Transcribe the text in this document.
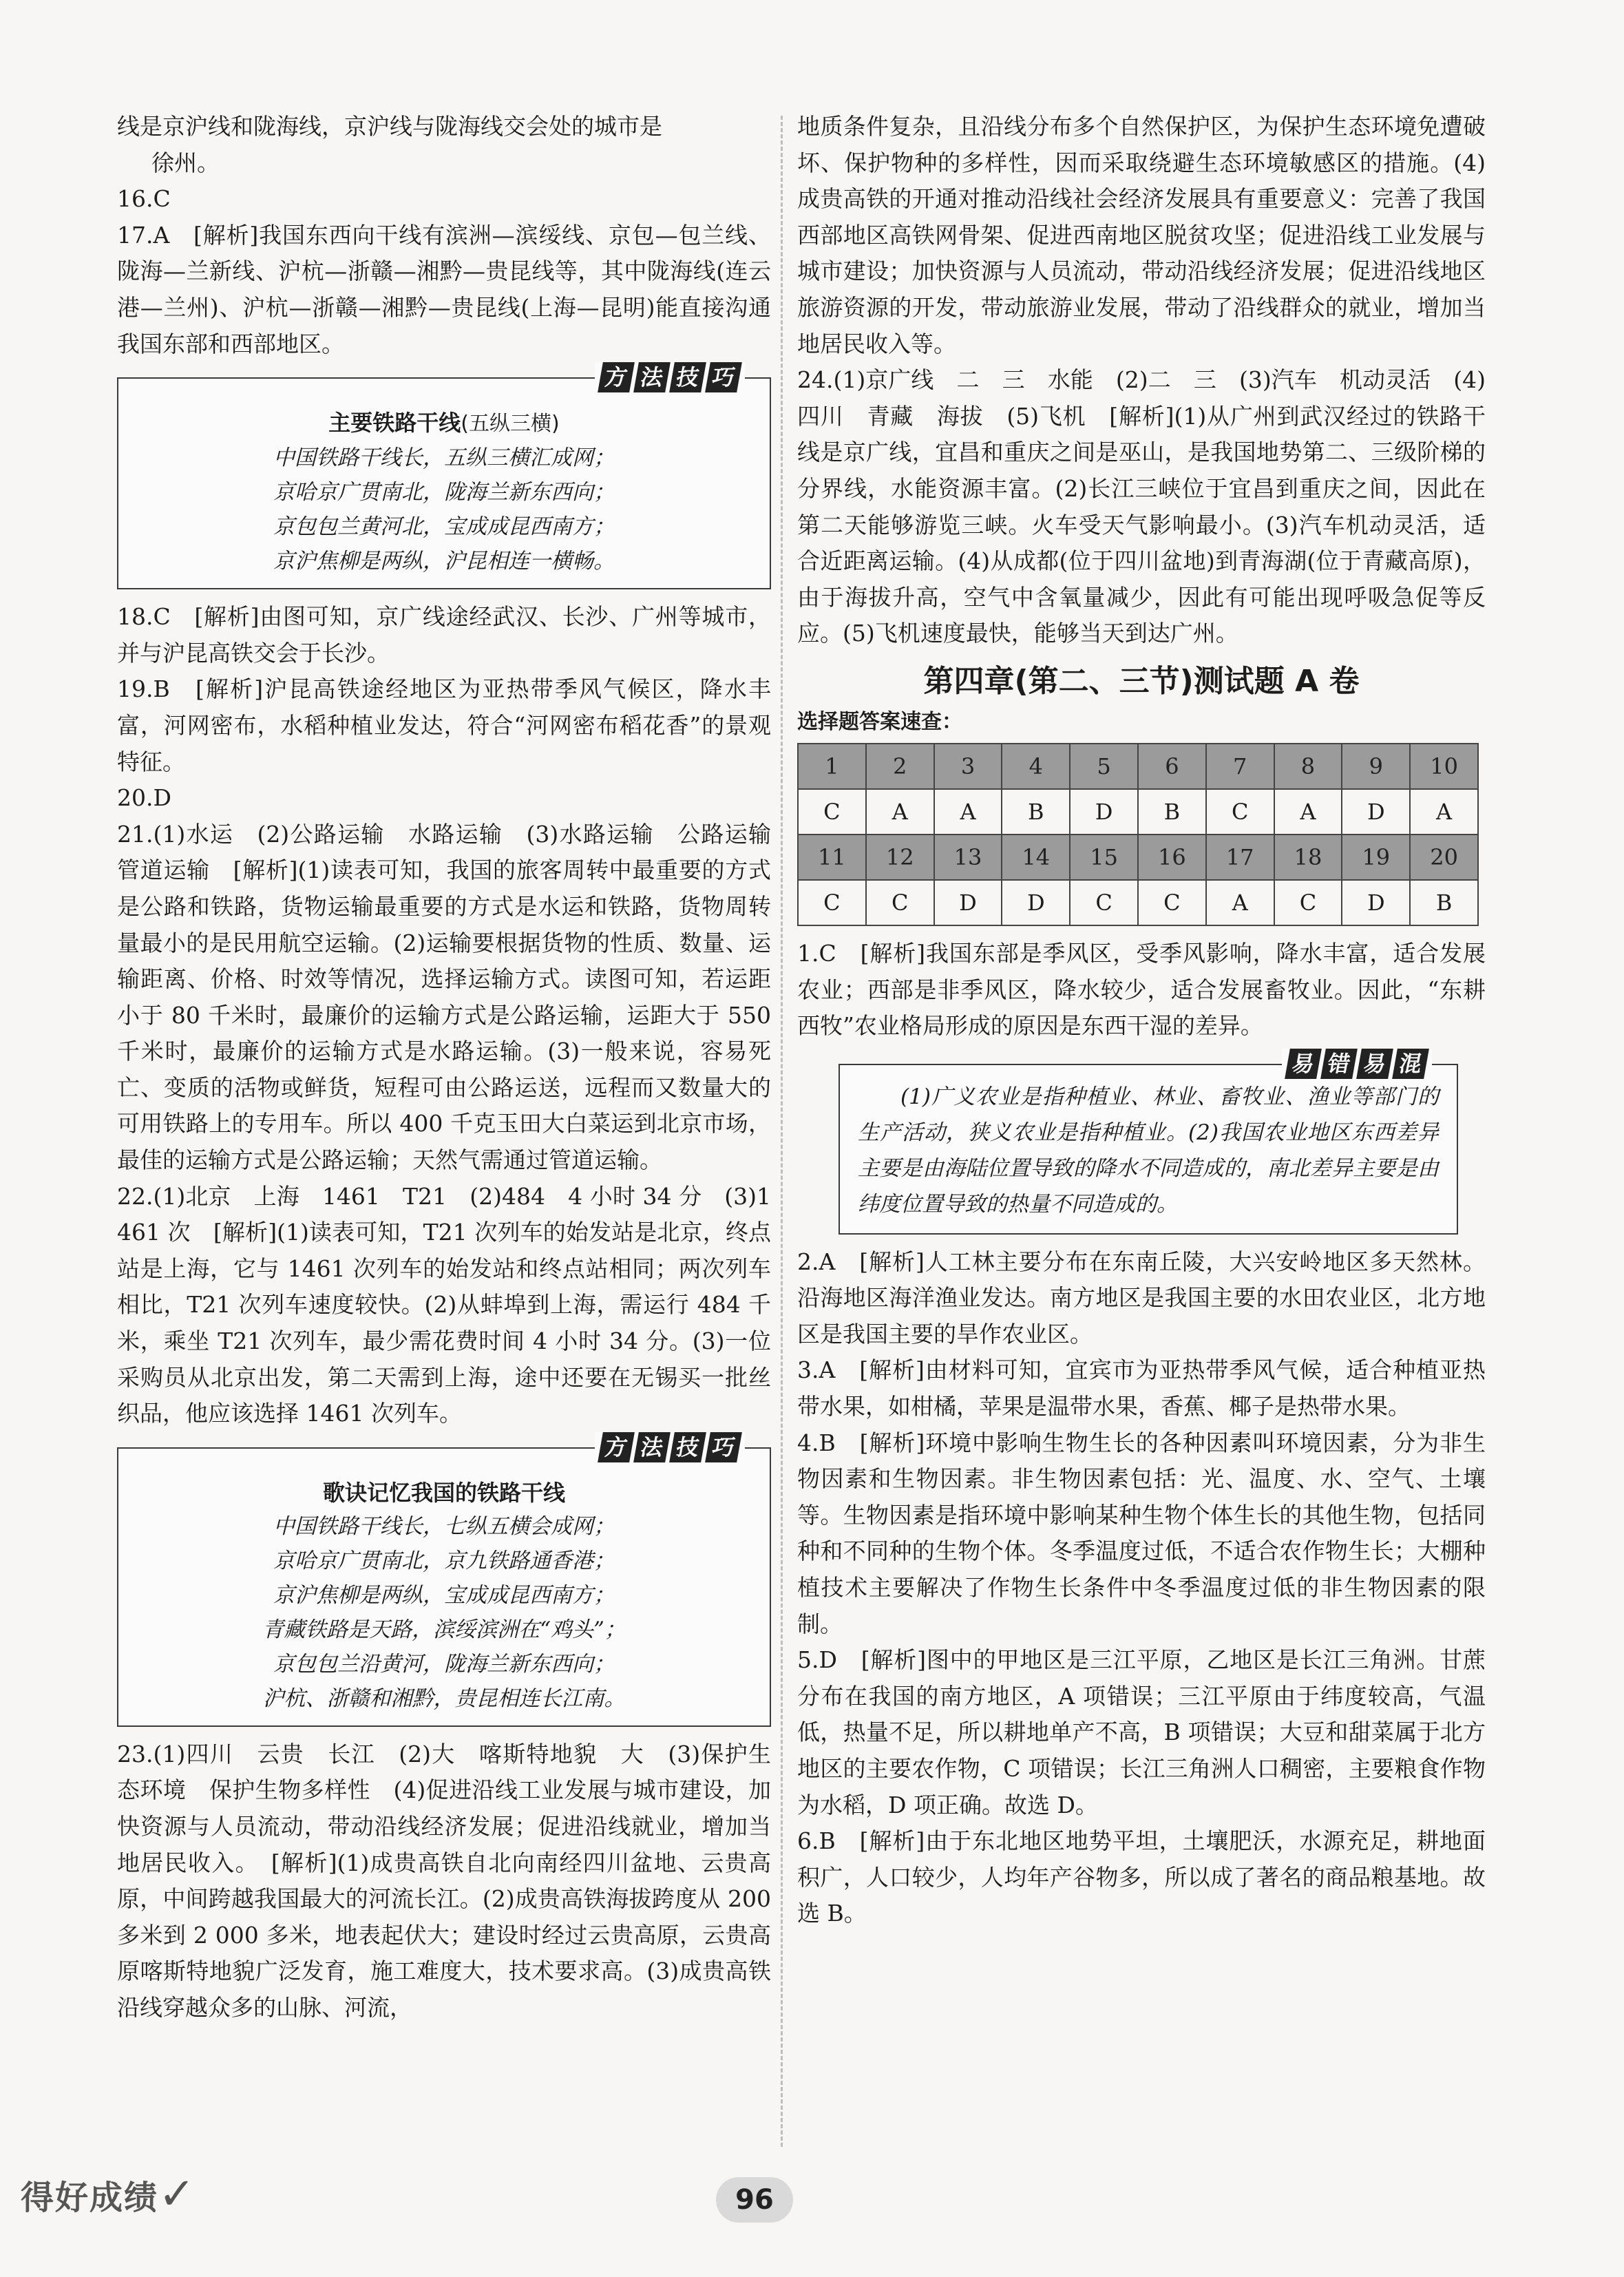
线是京沪线和陇海线，京沪线与陇海线交会处的城市是

徐州。

16.C

17.A　[解析]我国东西向干线有滨洲—滨绥线、京包—包兰线、陇海—兰新线、沪杭—浙赣—湘黔—贵昆线等，其中陇海线(连云港—兰州)、沪杭—浙赣—湘黔—贵昆线(上海—昆明)能直接沟通我国东部和西部地区。

方 法 技 巧
主要铁路干线(五纵三横)
中国铁路干线长，五纵三横汇成网；
京哈京广贯南北，陇海兰新东西向；
京包包兰黄河北，宝成成昆西南方；
京沪焦柳是两纵，沪昆相连一横畅。

18.C　[解析]由图可知，京广线途经武汉、长沙、广州等城市，并与沪昆高铁交会于长沙。

19.B　[解析]沪昆高铁途经地区为亚热带季风气候区，降水丰富，河网密布，水稻种植业发达，符合“河网密布稻花香”的景观特征。

20.D

21.(1)水运　(2)公路运输　水路运输　(3)水路运输　公路运输　管道运输　[解析](1)读表可知，我国的旅客周转中最重要的方式是公路和铁路，货物运输最重要的方式是水运和铁路，货物周转量最小的是民用航空运输。(2)运输要根据货物的性质、数量、运输距离、价格、时效等情况，选择运输方式。读图可知，若运距小于 80 千米时，最廉价的运输方式是公路运输，运距大于 550 千米时，最廉价的运输方式是水路运输。(3)一般来说，容易死亡、变质的活物或鲜货，短程可由公路运送，远程而又数量大的可用铁路上的专用车。所以 400 千克玉田大白菜运到北京市场，最佳的运输方式是公路运输；天然气需通过管道运输。

22.(1)北京　上海　1461　T21　(2)484　4 小时 34 分　(3)1461 次　[解析](1)读表可知，T21 次列车的始发站是北京，终点站是上海，它与 1461 次列车的始发站和终点站相同；两次列车相比，T21 次列车速度较快。(2)从蚌埠到上海，需运行 484 千米，乘坐 T21 次列车，最少需花费时间 4 小时 34 分。(3)一位采购员从北京出发，第二天需到上海，途中还要在无锡买一批丝织品，他应该选择 1461 次列车。

方 法 技 巧
歌诀记忆我国的铁路干线
中国铁路干线长，七纵五横会成网；
京哈京广贯南北，京九铁路通香港；
京沪焦柳是两纵，宝成成昆西南方；
青藏铁路是天路，滨绥滨洲在“鸡头”；
京包包兰沿黄河，陇海兰新东西向；
沪杭、浙赣和湘黔，贵昆相连长江南。

23.(1)四川　云贵　长江　(2)大　喀斯特地貌　大　(3)保护生态环境　保护生物多样性　(4)促进沿线工业发展与城市建设，加快资源与人员流动，带动沿线经济发展；促进沿线就业，增加当地居民收入。　[解析](1)成贵高铁自北向南经四川盆地、云贵高原，中间跨越我国最大的河流长江。(2)成贵高铁海拔跨度从 200 多米到 2 000 多米，地表起伏大；建设时经过云贵高原，云贵高原喀斯特地貌广泛发育，施工难度大，技术要求高。(3)成贵高铁沿线穿越众多的山脉、河流，

地质条件复杂，且沿线分布多个自然保护区，为保护生态环境免遭破坏、保护物种的多样性，因而采取绕避生态环境敏感区的措施。(4)成贵高铁的开通对推动沿线社会经济发展具有重要意义：完善了我国西部地区高铁网骨架、促进西南地区脱贫攻坚；促进沿线工业发展与城市建设；加快资源与人员流动，带动沿线经济发展；促进沿线地区旅游资源的开发，带动旅游业发展，带动了沿线群众的就业，增加当地居民收入等。

24.(1)京广线　二　三　水能　(2)二　三　(3)汽车　机动灵活　(4)四川　青藏　海拔　(5)飞机　[解析](1)从广州到武汉经过的铁路干线是京广线，宜昌和重庆之间是巫山，是我国地势第二、三级阶梯的分界线，水能资源丰富。(2)长江三峡位于宜昌到重庆之间，因此在第二天能够游览三峡。火车受天气影响最小。(3)汽车机动灵活，适合近距离运输。(4)从成都(位于四川盆地)到青海湖(位于青藏高原)，由于海拔升高，空气中含氧量减少，因此有可能出现呼吸急促等反应。(5)飞机速度最快，能够当天到达广州。

第四章(第二、三节)测试题 A 卷

选择题答案速查：

1	2	3	4	5	6	7	8	9	10
C	A	A	B	D	B	C	A	D	A
11	12	13	14	15	16	17	18	19	20
C	C	D	D	C	C	A	C	D	B

1.C　[解析]我国东部是季风区，受季风影响，降水丰富，适合发展农业；西部是非季风区，降水较少，适合发展畜牧业。因此，“东耕西牧”农业格局形成的原因是东西干湿的差异。

易 错 易 混
(1)广义农业是指种植业、林业、畜牧业、渔业等部门的生产活动，狭义农业是指种植业。(2)我国农业地区东西差异主要是由海陆位置导致的降水不同造成的，南北差异主要是由纬度位置导致的热量不同造成的。

2.A　[解析]人工林主要分布在东南丘陵，大兴安岭地区多天然林。沿海地区海洋渔业发达。南方地区是我国主要的水田农业区，北方地区是我国主要的旱作农业区。

3.A　[解析]由材料可知，宜宾市为亚热带季风气候，适合种植亚热带水果，如柑橘，苹果是温带水果，香蕉、椰子是热带水果。

4.B　[解析]环境中影响生物生长的各种因素叫环境因素，分为非生物因素和生物因素。非生物因素包括：光、温度、水、空气、土壤等。生物因素是指环境中影响某种生物个体生长的其他生物，包括同种和不同种的生物个体。冬季温度过低，不适合农作物生长；大棚种植技术主要解决了作物生长条件中冬季温度过低的非生物因素的限制。

5.D　[解析]图中的甲地区是三江平原，乙地区是长江三角洲。甘蔗分布在我国的南方地区，A 项错误；三江平原由于纬度较高，气温低，热量不足，所以耕地单产不高，B 项错误；大豆和甜菜属于北方地区的主要农作物，C 项错误；长江三角洲人口稠密，主要粮食作物为水稻，D 项正确。故选 D。

6.B　[解析]由于东北地区地势平坦，土壤肥沃，水源充足，耕地面积广，人口较少，人均年产谷物多，所以成了著名的商品粮基地。故选 B。

得好成绩✓	96
